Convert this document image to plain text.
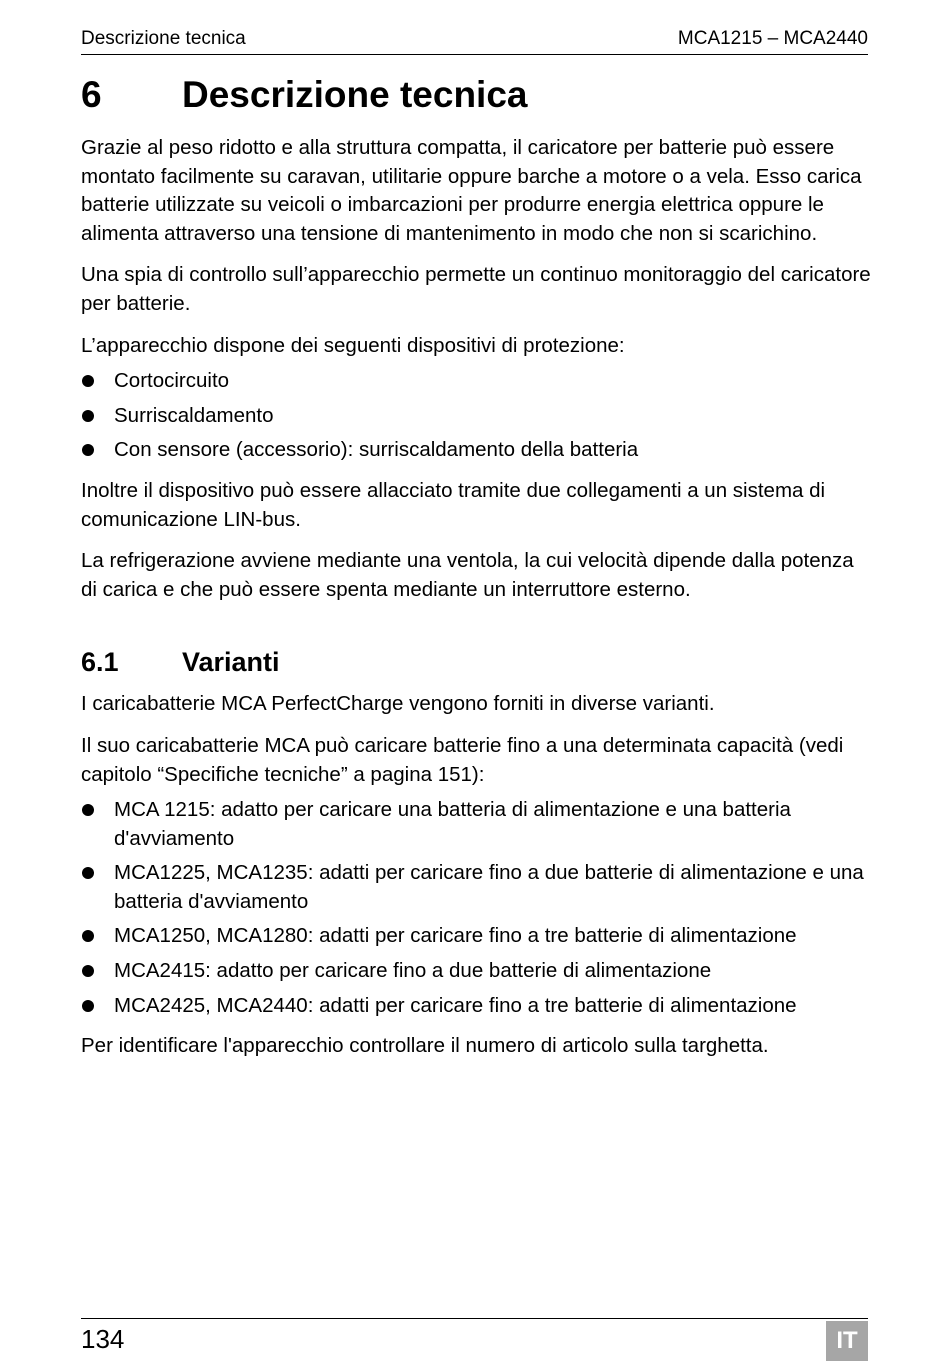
Descrizione tecnica	MCA1215 – MCA2440
6	Descrizione tecnica

Grazie al peso ridotto e alla struttura compatta, il caricatore per batterie può essere montato facilmente su caravan, utilitarie oppure barche a motore o a vela. Esso carica batterie utilizzate su veicoli o imbarcazioni per produrre energia elettrica oppure le alimenta attraverso una tensione di mantenimento in modo che non si scarichino.

Una spia di controllo sull’apparecchio permette un continuo monitoraggio del caricatore per batterie.

L’apparecchio dispone dei seguenti dispositivi di protezione:

Cortocircuito
Surriscaldamento
Con sensore (accessorio): surriscaldamento della batteria

Inoltre il dispositivo può essere allacciato tramite due collegamenti a un sistema di comunicazione LIN-bus.

La refrigerazione avviene mediante una ventola, la cui velocità dipende dalla potenza di carica e che può essere spenta mediante un interruttore esterno.

6.1	Varianti

I caricabatterie MCA PerfectCharge vengono forniti in diverse varianti.

Il suo caricabatterie MCA può caricare batterie fino a una determinata capacità (vedi capitolo “Specifiche tecniche” a pagina 151):

MCA 1215: adatto per caricare una batteria di alimentazione e una batteria d'avviamento
MCA1225, MCA1235: adatti per caricare fino a due batterie di alimentazione e una batteria d'avviamento
MCA1250, MCA1280: adatti per caricare fino a tre batterie di alimentazione
MCA2415: adatto per caricare fino a due batterie di alimentazione
MCA2425, MCA2440: adatti per caricare fino a tre batterie di alimentazione

Per identificare l'apparecchio controllare il numero di articolo sulla targhetta.

134	IT
